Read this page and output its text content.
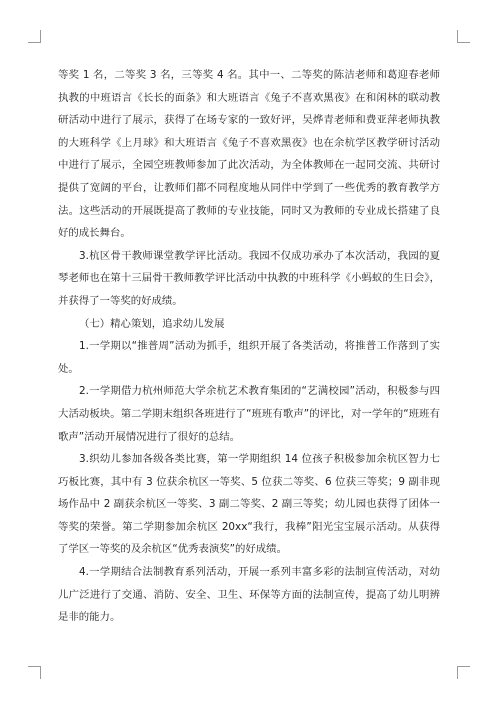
等奖 1 名，二等奖 3 名，三等奖 4 名。其中一、二等奖的陈洁老师和葛迎春老师执教的中班语言《长长的面条》和大班语言《兔子不喜欢黑夜》在和闲林的联动教研活动中进行了展示，获得了在场专家的一致好评，吴烨青老师和费亚萍老师执教的大班科学《上月球》和大班语言《兔子不喜欢黑夜》也在余杭学区教学研讨活动中进行了展示，全园空班教师参加了此次活动，为全体教师在一起同交流、共研讨提供了宽阔的平台，让教师们都不同程度地从同伴中学到了一些优秀的教育教学方法。这些活动的开展既提高了教师的专业技能，同时又为教师的专业成长搭建了良好的成长舞台。

3.杭区骨干教师课堂教学评比活动。我园不仅成功承办了本次活动，我园的夏琴老师也在第十三届骨干教师教学评比活动中执教的中班科学《小蚂蚁的生日会》，并获得了一等奖的好成绩。

（七）精心策划，追求幼儿发展

1.一学期以“推普周”活动为抓手，组织开展了各类活动，将推普工作落到了实处。

2.一学期借力杭州师范大学余杭艺术教育集团的“艺满校园”活动，积极参与四大活动板块。第二学期末组织各班进行了“班班有歌声”的评比，对一学年的“班班有歌声”活动开展情况进行了很好的总结。

3.织幼儿参加各级各类比赛，第一学期组织 14 位孩子积极参加余杭区智力七巧板比赛，其中有 3 位获余杭区一等奖、5 位获二等奖、6 位获三等奖；9 副非现场作品中 2 副获余杭区一等奖、3 副二等奖、2 副三等奖；幼儿园也获得了团体一等奖的荣誉。第二学期参加余杭区 20xx“我行，我棒”阳光宝宝展示活动。从获得了学区一等奖的及余杭区“优秀表演奖”的好成绩。

4.一学期结合法制教育系列活动，开展一系列丰富多彩的法制宣传活动，对幼儿广泛进行了交通、消防、安全、卫生、环保等方面的法制宣传，提高了幼儿明辨是非的能力。
